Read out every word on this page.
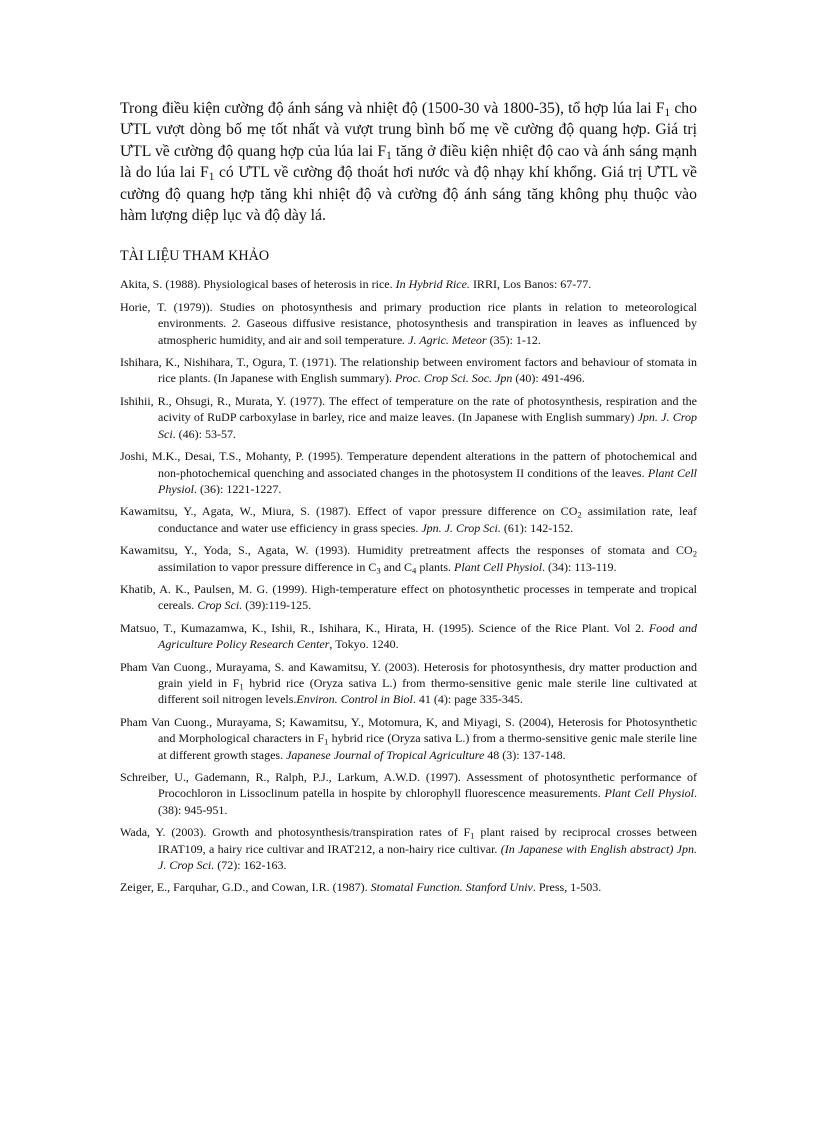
Trong điều kiện cường độ ánh sáng và nhiệt độ (1500-30 và 1800-35), tổ hợp lúa lai $F_1$ cho ƯTL vượt dòng bố mẹ tốt nhất và vượt trung bình bố mẹ về cường độ quang hợp. Giá trị ƯTL về cường độ quang hợp của lúa lai $F_1$ tăng ở điều kiện nhiệt độ cao và ánh sáng mạnh là do lúa lai $F_1$ có ƯTL về cường độ thoát hơi nước và độ nhạy khí khổng. Giá trị ƯTL về cường độ quang hợp tăng khi nhiệt độ và cường độ ánh sáng tăng không phụ thuộc vào hàm lượng diệp lục và độ dày lá.

TÀI LIỆU THAM KHẢO
Akita, S. (1988). Physiological bases of heterosis in rice. In Hybrid Rice. IRRI, Los Banos: 67-77.
Horie, T. (1979)). Studies on photosynthesis and primary production rice plants in relation to meteorological environments. 2. Gaseous diffusive resistance, photosynthesis and transpiration in leaves as influenced by atmospheric humidity, and air and soil temperature. J. Agric. Meteor (35): 1-12.
Ishihara, K., Nishihara, T., Ogura, T. (1971). The relationship between enviroment factors and behaviour of stomata in rice plants. (In Japanese with English summary). Proc. Crop Sci. Soc. Jpn (40): 491-496.
Ishihii, R., Ohsugi, R., Murata, Y. (1977). The effect of temperature on the rate of photosynthesis, respiration and the acivity of RuDP carboxylase in barley, rice and maize leaves. (In Japanese with English summary) Jpn. J. Crop Sci. (46): 53-57.
Joshi, M.K., Desai, T.S., Mohanty, P. (1995). Temperature dependent alterations in the pattern of photochemical and non-photochemical quenching and associated changes in the photosystem II conditions of the leaves. Plant Cell Physiol. (36): 1221-1227.
Kawamitsu, Y., Agata, W., Miura, S. (1987). Effect of vapor pressure difference on $CO_2$ assimilation rate, leaf conductance and water use efficiency in grass species. Jpn. J. Crop Sci. (61): 142-152.
Kawamitsu, Y., Yoda, S., Agata, W. (1993). Humidity pretreatment affects the responses of stomata and $CO_2$ assimilation to vapor pressure difference in $C_3$ and $C_4$ plants. Plant Cell Physiol. (34): 113-119.
Khatib, A. K., Paulsen, M. G. (1999). High-temperature effect on photosynthetic processes in temperate and tropical cereals. Crop Sci. (39):119-125.
Matsuo, T., Kumazamwa, K., Ishii, R., Ishihara, K., Hirata, H. (1995). Science of the Rice Plant. Vol 2. Food and Agriculture Policy Research Center, Tokyo. 1240.
Pham Van Cuong., Murayama, S. and Kawamitsu, Y. (2003). Heterosis for photosynthesis, dry matter production and grain yield in $F_1$ hybrid rice (Oryza sativa L.) from thermo-sensitive genic male sterile line cultivated at different soil nitrogen levels.Environ. Control in Biol. 41 (4): page 335-345.
Pham Van Cuong., Murayama, S; Kawamitsu, Y., Motomura, K, and Miyagi, S. (2004), Heterosis for Photosynthetic and Morphological characters in $F_1$ hybrid rice (Oryza sativa L.) from a thermo-sensitive genic male sterile line at different growth stages. Japanese Journal of Tropical Agriculture 48 (3): 137-148.
Schreiber, U., Gademann, R., Ralph, P.J., Larkum, A.W.D. (1997). Assessment of photosynthetic performance of Procochloron in Lissoclinum patella in hospite by chlorophyll fluorescence measurements. Plant Cell Physiol. (38): 945-951.
Wada, Y. (2003). Growth and photosynthesis/transpiration rates of $F_1$ plant raised by reciprocal crosses between IRAT109, a hairy rice cultivar and IRAT212, a non-hairy rice cultivar. (In Japanese with English abstract) Jpn. J. Crop Sci. (72): 162-163.
Zeiger, E., Farquhar, G.D., and Cowan, I.R. (1987). Stomatal Function. Stanford Univ. Press, 1-503.
